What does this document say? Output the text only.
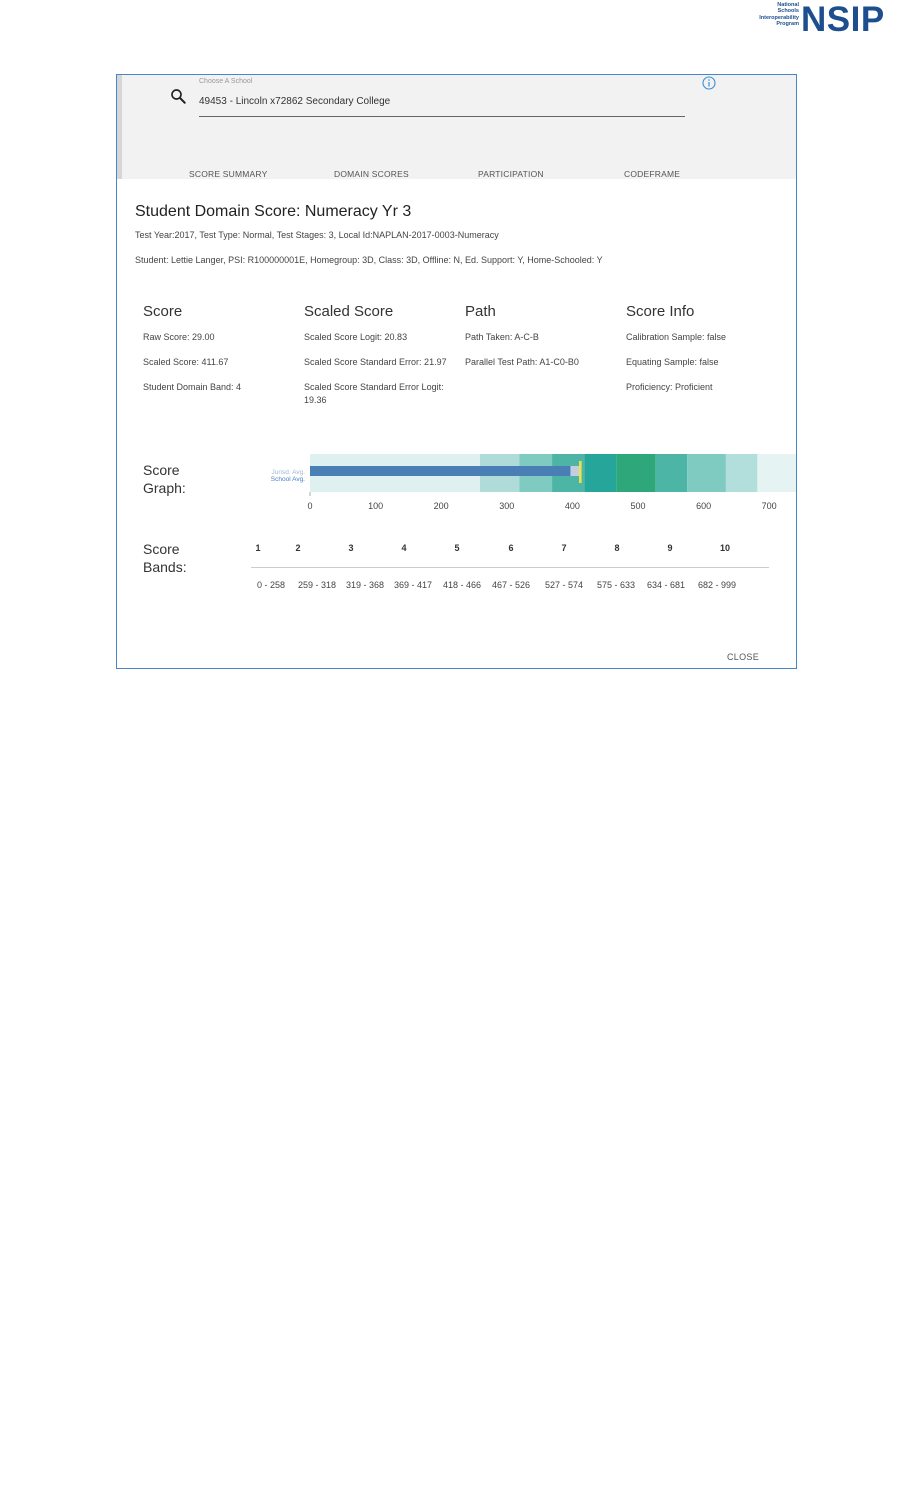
National
Schools
Interoperability
Program NSIP
Choose A School
49453 - Lincoln x72862 Secondary College
SCORE SUMMARY	DOMAIN SCORES	PARTICIPATION	CODEFRAME
Student Domain Score: Numeracy Yr 3
Test Year:2017, Test Type: Normal, Test Stages: 3, Local Id:NAPLAN-2017-0003-Numeracy
Student: Lettie Langer, PSI: R100000001E, Homegroup: 3D, Class: 3D, Offline: N, Ed. Support: Y, Home-Schooled: Y
Score
Raw Score: 29.00
Scaled Score: 411.67
Student Domain Band: 4
Scaled Score
Scaled Score Logit: 20.83
Scaled Score Standard Error: 21.97
Scaled Score Standard Error Logit: 19.36
Path
Path Taken: A-C-B
Parallel Test Path: A1-C0-B0
Score Info
Calibration Sample: false
Equating Sample: false
Proficiency: Proficient
Score
Graph:
Jurisd. Avg.
School Avg.
0	100	200	300	400	500	600	700
Score
Bands:
1	2	3	4	5	6	7	8	9	10
0 - 258 259 - 318 319 - 368 369 - 417 418 - 466 467 - 526 527 - 574 575 - 633 634 - 681 682 - 999
CLOSE
